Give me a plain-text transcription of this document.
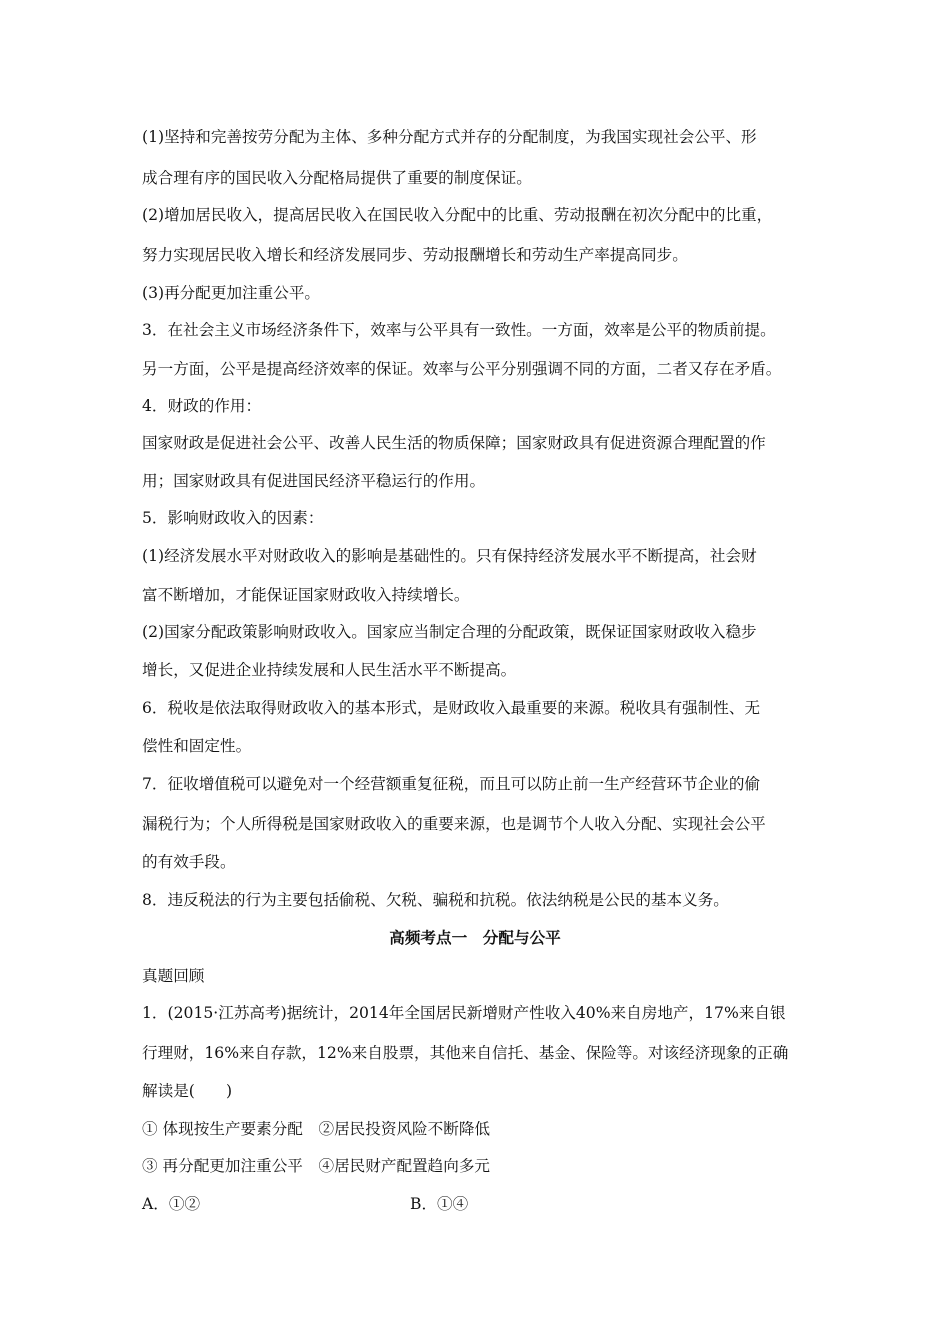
(1)坚持和完善按劳分配为主体、多种分配方式并存的分配制度，为我国实现社会公平、形
成合理有序的国民收入分配格局提供了重要的制度保证。
(2)增加居民收入，提高居民收入在国民收入分配中的比重、劳动报酬在初次分配中的比重，
努力实现居民收入增长和经济发展同步、劳动报酬增长和劳动生产率提高同步。
(3)再分配更加注重公平。
3．在社会主义市场经济条件下，效率与公平具有一致性。一方面，效率是公平的物质前提。
另一方面，公平是提高经济效率的保证。效率与公平分别强调不同的方面，二者又存在矛盾。
4．财政的作用：
国家财政是促进社会公平、改善人民生活的物质保障；国家财政具有促进资源合理配置的作
用；国家财政具有促进国民经济平稳运行的作用。
5．影响财政收入的因素：
(1)经济发展水平对财政收入的影响是基础性的。只有保持经济发展水平不断提高，社会财
富不断增加，才能保证国家财政收入持续增长。
(2)国家分配政策影响财政收入。国家应当制定合理的分配政策，既保证国家财政收入稳步
增长，又促进企业持续发展和人民生活水平不断提高。
6．税收是依法取得财政收入的基本形式，是财政收入最重要的来源。税收具有强制性、无
偿性和固定性。
7．征收增值税可以避免对一个经营额重复征税，而且可以防止前一生产经营环节企业的偷
漏税行为；个人所得税是国家财政收入的重要来源，也是调节个人收入分配、实现社会公平
的有效手段。
8．违反税法的行为主要包括偷税、欠税、骗税和抗税。依法纳税是公民的基本义务。
高频考点一　分配与公平
真题回顾
1．(2015·江苏高考)据统计，2014年全国居民新增财产性收入40%来自房地产，17%来自银
行理财，16%来自存款，12%来自股票，其他来自信托、基金、保险等。对该经济现象的正确
解读是(　　)
① 体现按生产要素分配　②居民投资风险不断降低
③ 再分配更加注重公平　④居民财产配置趋向多元
A．①②	B．①④
